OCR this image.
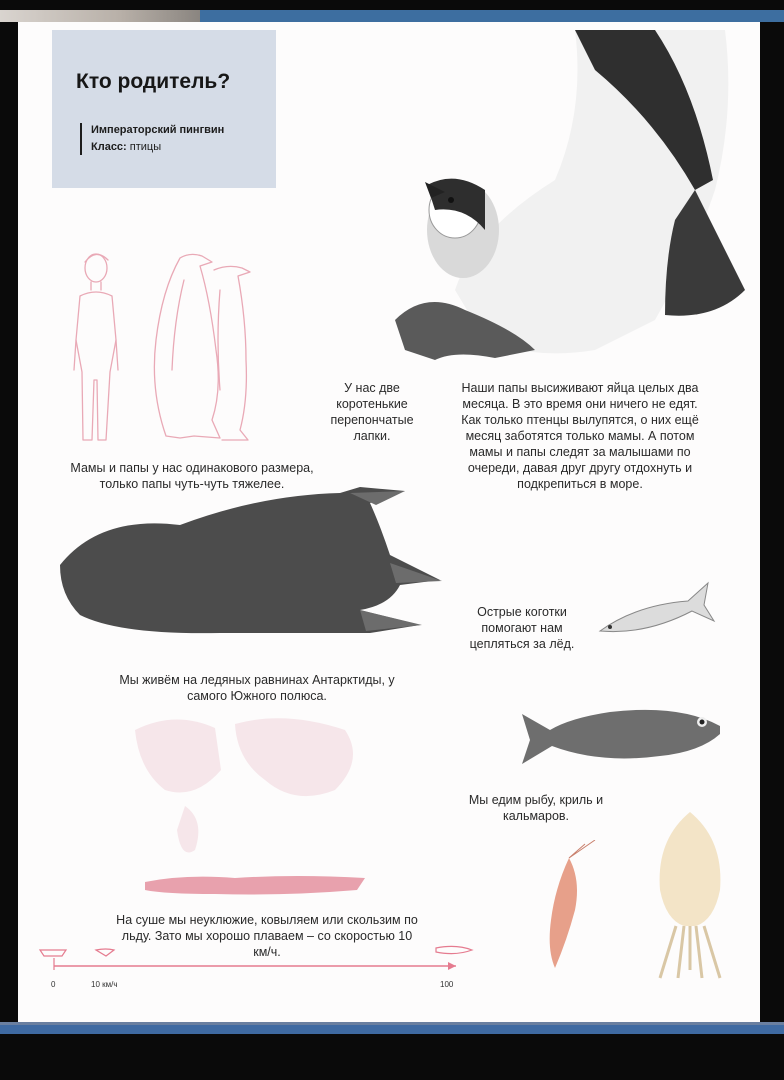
Кто родитель?
Императорский пингвин
Класс: птицы
0	10 км/ч	100
Мамы и папы у нас одинакового размера, только папы чуть-чуть тяжелее.
У нас две коротенькие перепончатые лапки.
Наши папы высиживают яйца целых два месяца. В это время они ничего не едят. Как только птенцы вылупятся, о них ещё месяц заботятся только мамы. А потом мамы и папы следят за малышами по очереди, давая друг другу отдохнуть и подкрепиться в море.
Острые коготки помогают нам цепляться за лёд.
Мы живём на ледяных равнинах Антарктиды, у самого Южного полюса.
Мы едим рыбу, криль и кальмаров.
На суше мы неуклюжие, ковыляем или скользим по льду. Зато мы хорошо плаваем – со скоростью 10 км/ч.
